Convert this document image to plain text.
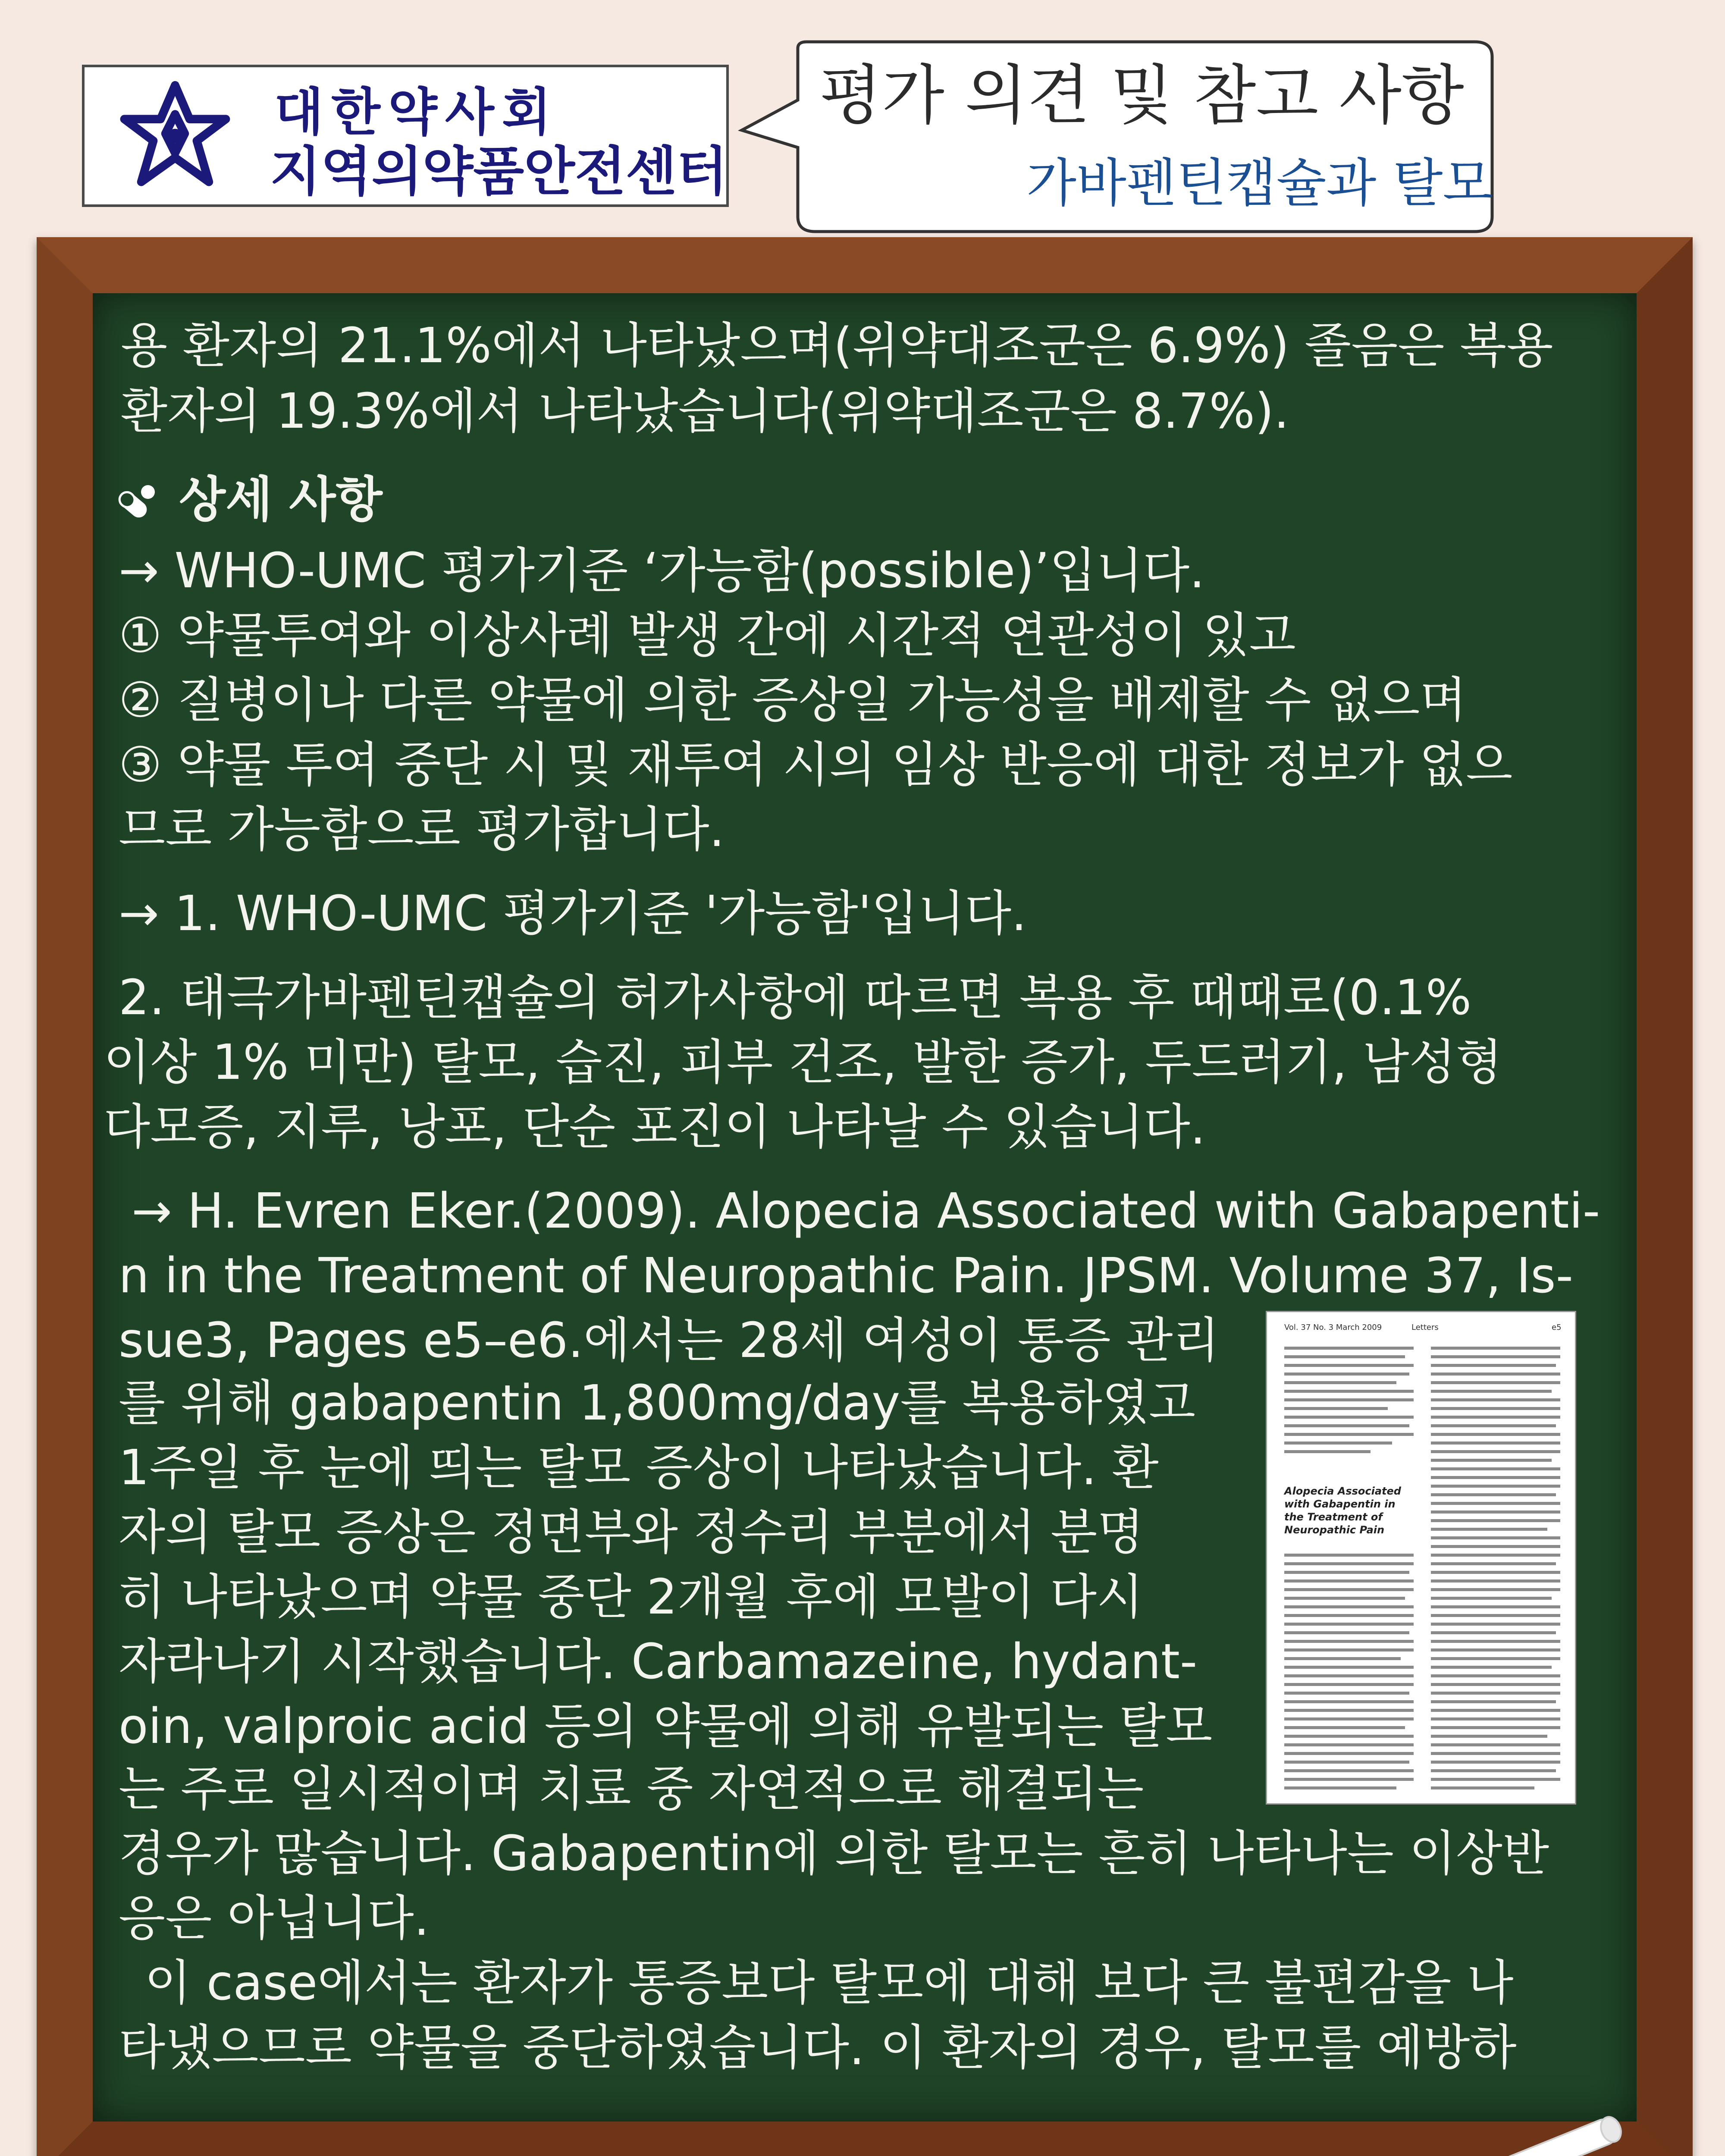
대한약사회
지역의약품안전센터
평가 의견 및 참고 사항
가바펜틴캡슐과 탈모
용 환자의 21.1%에서 나타났으며(위약대조군은 6.9%) 졸음은 복용
환자의 19.3%에서 나타났습니다(위약대조군은 8.7%).
상세 사항
→ WHO-UMC 평가기준 ‘가능함(possible)’입니다.
① 약물투여와 이상사례 발생 간에 시간적 연관성이 있고
② 질병이나 다른 약물에 의한 증상일 가능성을 배제할 수 없으며
③ 약물 투여 중단 시 및 재투여 시의 임상 반응에 대한 정보가 없으
므로 가능함으로 평가합니다.
→ 1. WHO-UMC 평가기준 '가능함'입니다.
2. 태극가바펜틴캡슐의 허가사항에 따르면 복용 후 때때로(0.1%
이상 1% 미만) 탈모, 습진, 피부 건조, 발한 증가, 두드러기, 남성형
다모증, 지루, 낭포, 단순 포진이 나타날 수 있습니다.
→ H. Evren Eker.(2009). Alopecia Associated with Gabapenti-
n in the Treatment of Neuropathic Pain. JPSM. Volume 37, Is-
sue3, Pages e5–e6.에서는 28세 여성이 통증 관리
를 위해 gabapentin 1,800mg/day를 복용하였고
1주일 후 눈에 띄는 탈모 증상이 나타났습니다. 환
자의 탈모 증상은 정면부와 정수리 부분에서 분명
히 나타났으며 약물 중단 2개월 후에 모발이 다시
자라나기 시작했습니다. Carbamazeine, hydant-
oin, valproic acid 등의 약물에 의해 유발되는 탈모
는 주로 일시적이며 치료 중 자연적으로 해결되는
경우가 많습니다. Gabapentin에 의한 탈모는 흔히 나타나는 이상반
응은 아닙니다.
이 case에서는 환자가 통증보다 탈모에 대해 보다 큰 불편감을 나
타냈으므로 약물을 중단하였습니다. 이 환자의 경우, 탈모를 예방하
Vol. 37 No. 3 March 2009	Letters	e5
Alopecia Associated with Gabapentin in the Treatment of Neuropathic Pain
